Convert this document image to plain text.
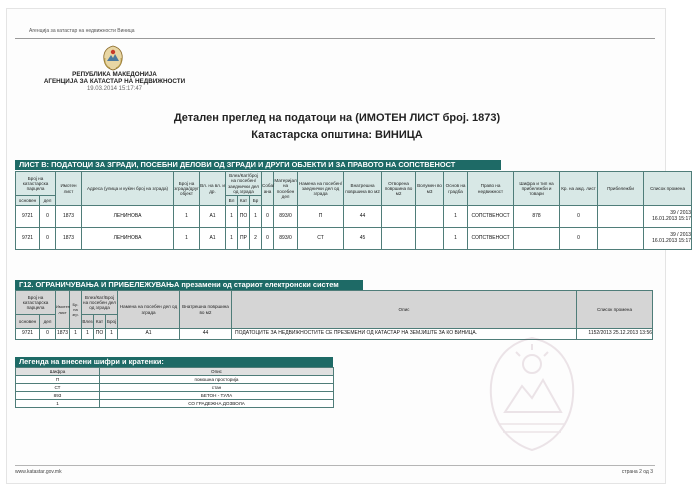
Агенција за катастар на недвижности Виница
РЕПУБЛИКА МАКЕДОНИЈА
АГЕНЦИЈА ЗА КАТАСТАР НА НЕДВИЖНОСТИ
19.03.2014 15:17:47
Детален преглед на податоци на (ИМОТЕН ЛИСТ број. 1873)
Катастарска општина: ВИНИЦА
ЛИСТ В: ПОДАТОЦИ ЗА ЗГРАДИ, ПОСЕБНИ ДЕЛОВИ ОД ЗГРАДИ И ДРУГИ ОБЈЕКТИ И ЗА ПРАВОТО НА СОПСТВЕНОСТ
Број на катастарска парцела		Имотен лист	Адреса (улица и куќен број на зграда)	Број на зграда/друг објект	Вл. на вл. и др.	Влез/Кат/број на посебен/заеднички дел од зграда			Соба/ана	Материјал на посебен дел	Намена на посебен/заеднички дел од зграда	Внатрешна површина во м2	Отворена површина во м2	Волумен во м3	Основ на градба	Право на недвижност	Шифра и тип на прибележби и товари	Кр. на ажд. лист	Прибележби	Список промена
основен	дел					Вл	Кат	Бр												
9721	0	1873	ЛЕНИНОВА	1	А1	1	ПО	1	0	893/0	П	44			1	СОПСТВЕНОСТ	878	0		39 / 2013 16.01.2013 15:17
9721	0	1873	ЛЕНИНОВА	1	А1	1	ПР	2	0	893/0	СТ	45			1	СОПСТВЕНОСТ		0		39 / 2013 16.01.2013 15:17
Г12. ОГРАНИЧУВАЊА И ПРИБЕЛЕЖУВАЊА презамени од стариот електронски систем
Број на катастарска парцела		Имотен лист	Бр. на згр.	Влез/Кат/Број на посебен дел од зграда			Намена на посебен дел од зграда	Внатрешна површина во м2	Опис	Список промена
основен	дел			Влез	Кат	Број				
9721	0	1873	1	1	ПО	1	А1	44	ПОДАТОЦИТЕ ЗА НЕДВИЖНОСТИТЕ СЕ ПРЕЗЕМЕНИ ОД КАТАСТАР НА ЗЕМЈИШТЕ ЗА КО ВИНИЦА.	1152/2013 25.12.2013 13:56
Легенда на внесени шифри и кратенки:
Шифра	Опис
П	помошна просторија
СТ	стан
893	БЕТОН - ТУЛА
1	СО ГРАДЕЖНА ДОЗВОЛА
www.katastar.gov.mk	страна 2 од 3
